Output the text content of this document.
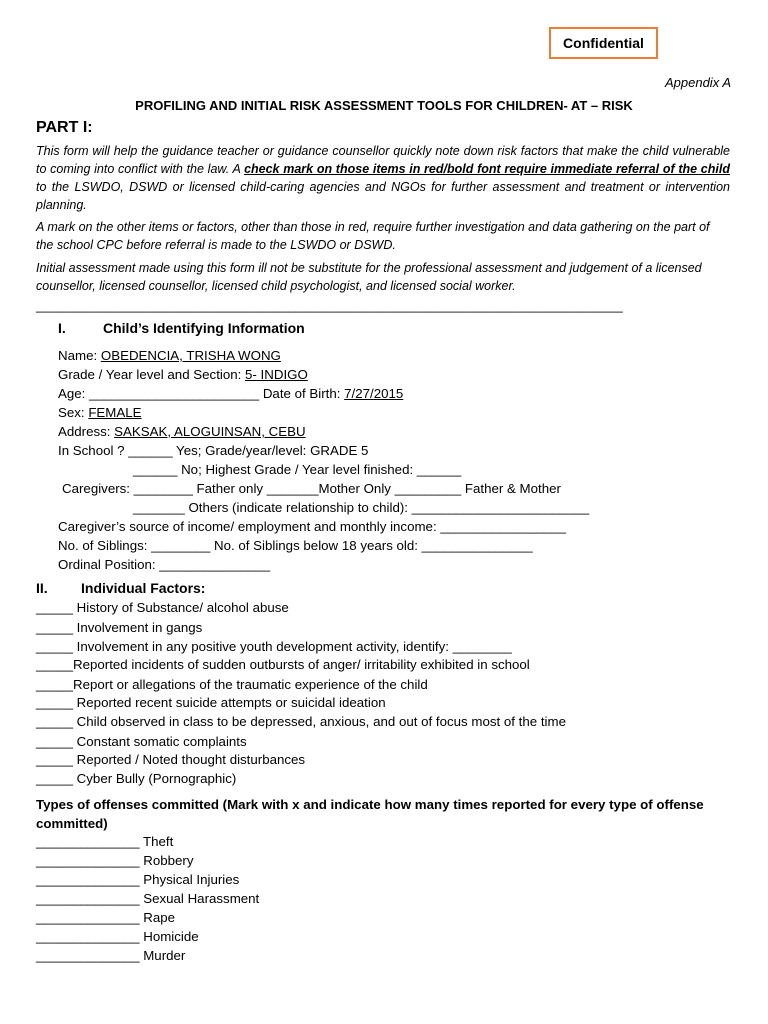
Confidential
Appendix A
PROFILING AND INITIAL RISK ASSESSMENT TOOLS FOR CHILDREN- AT – RISK
PART I:
This form will help the guidance teacher or guidance counsellor quickly note down risk factors that make the child vulnerable to coming into conflict with the law. A check mark on those items in red/bold font require immediate referral of the child to the LSWDO, DSWD or licensed child-caring agencies and NGOs for further assessment and treatment or intervention planning.
A mark on the other items or factors, other than those in red, require further investigation and data gathering on the part of the school CPC before referral is made to the LSWDO or DSWD.
Initial assessment made using this form ill not be substitute for the professional assessment and judgement of a licensed counsellor, licensed counsellor, licensed child psychologist, and licensed social worker.
_______________________________________________________________________________
I.	Child’s Identifying Information
Name: OBEDENCIA, TRISHA WONG
Grade / Year level and Section: 5- INDIGO
Age: _______________________ Date of Birth: 7/27/2015
Sex: FEMALE
Address: SAKSAK, ALOGUINSAN, CEBU
In School ? ______ Yes; Grade/year/level: GRADE 5
______ No; Highest Grade / Year level finished: ______
Caregivers: ________ Father only _______Mother Only _________ Father & Mother
_______ Others (indicate relationship to child): ________________________
Caregiver’s source of income/ employment and monthly income: _________________
No. of Siblings: ________ No. of Siblings below 18 years old: _______________
Ordinal Position: _______________
II. Individual Factors:
_____ History of Substance/ alcohol abuse
_____ Involvement in gangs
_____ Involvement in any positive youth development activity, identify: ________
_____Reported incidents of sudden outbursts of anger/ irritability exhibited in school
_____Report or allegations of the traumatic experience of the child
_____ Reported recent suicide attempts or suicidal ideation
_____ Child observed in class to be depressed, anxious, and out of focus most of the time
_____ Constant somatic complaints
_____ Reported / Noted thought disturbances
_____ Cyber Bully (Pornographic)
Types of offenses committed (Mark with x and indicate how many times reported for every type of offense
committed)
______________ Theft
______________ Robbery
______________ Physical Injuries
______________ Sexual Harassment
______________ Rape
______________ Homicide
______________ Murder
